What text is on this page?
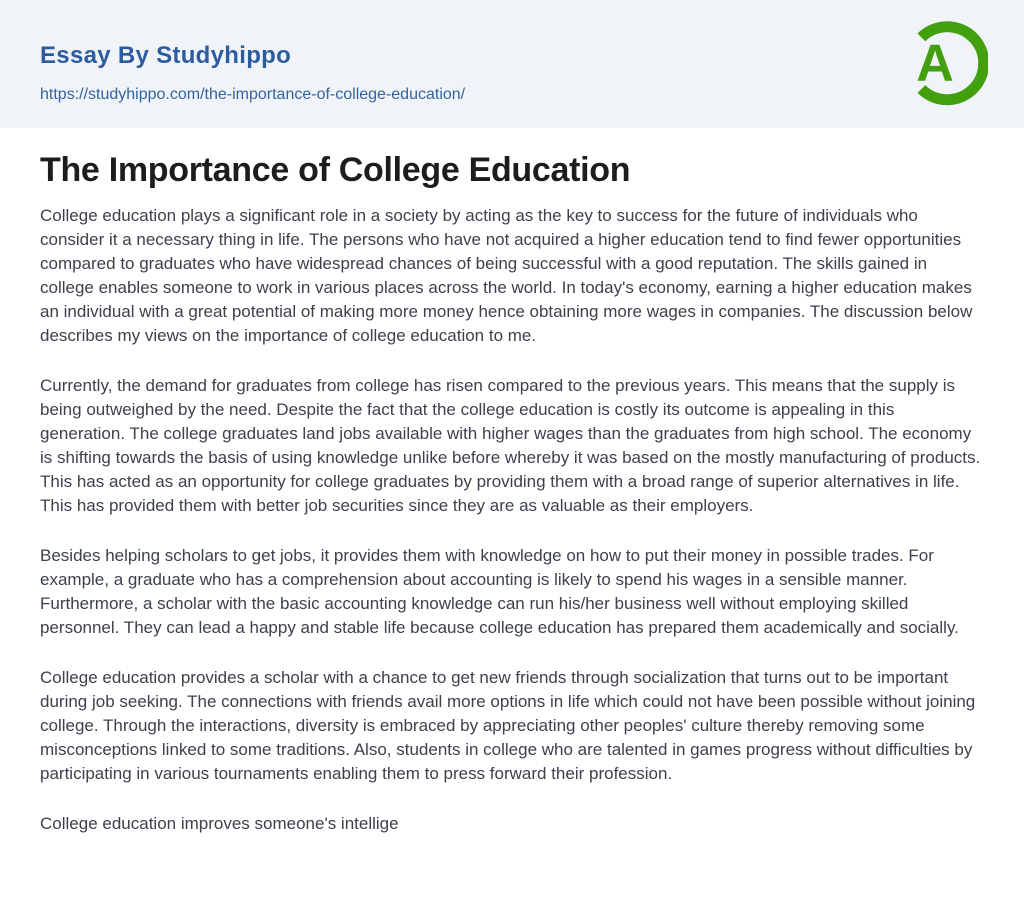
Essay By Studyhippo
https://studyhippo.com/the-importance-of-college-education/
A
The Importance of College Education

College education plays a significant role in a society by acting as the key to success for the future of individuals who consider it a necessary thing in life. The persons who have not acquired a higher education tend to find fewer opportunities compared to graduates who have widespread chances of being successful with a good reputation. The skills gained in college enables someone to work in various places across the world. In today's economy, earning a higher education makes an individual with a great potential of making more money hence obtaining more wages in companies. The discussion below describes my views on the importance of college education to me.

Currently, the demand for graduates from college has risen compared to the previous years. This means that the supply is being outweighed by the need. Despite the fact that the college education is costly its outcome is appealing in this generation. The college graduates land jobs available with higher wages than the graduates from high school. The economy is shifting towards the basis of using knowledge unlike before whereby it was based on the mostly manufacturing of products. This has acted as an opportunity for college graduates by providing them with a broad range of superior alternatives in life. This has provided them with better job securities since they are as valuable as their employers.

Besides helping scholars to get jobs, it provides them with knowledge on how to put their money in possible trades. For example, a graduate who has a comprehension about accounting is likely to spend his wages in a sensible manner. Furthermore, a scholar with the basic accounting knowledge can run his/her business well without employing skilled personnel. They can lead a happy and stable life because college education has prepared them academically and socially.

College education provides a scholar with a chance to get new friends through socialization that turns out to be important during job seeking. The connections with friends avail more options in life which could not have been possible without joining college. Through the interactions, diversity is embraced by appreciating other peoples' culture thereby removing some misconceptions linked to some traditions. Also, students in college who are talented in games progress without difficulties by participating in various tournaments enabling them to press forward their profession.

College education improves someone's intellige
